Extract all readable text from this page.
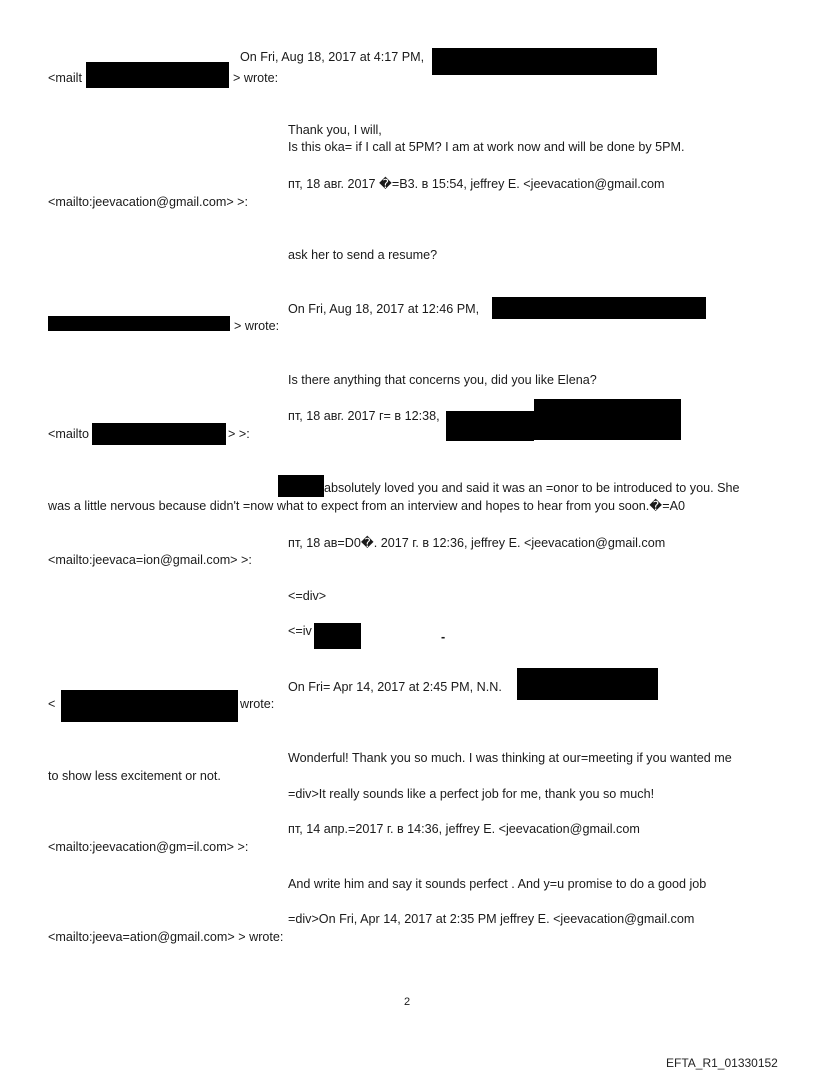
On Fri, Aug 18, 2017 at 4:17 PM,
<mailt	> wrote:
Thank you, I will,
Is this oka= if I call at 5PM? I am at work now and will be done by 5PM.
пт, 18 авг. 2017 �=B3. в 15:54, jeffrey E. <jeevacation@gmail.com
<mailto:jeevacation@gmail.com> >:
ask her to send a resume?
On Fri, Aug 18, 2017 at 12:46 PM,
> wrote:
Is there anything that concerns you, did you like Elena?
пт, 18 авг. 2017 г= в 12:38,
<mailto	> >:
absolutely loved you and said it was an =onor to be introduced to you. She
was a little nervous because didn't =now what to expect from an interview and hopes to hear from you soon.�=A0
пт, 18 ав=D0�. 2017 г. в 12:36, jeffrey E. <jeevacation@gmail.com
<mailto:jeevaca=ion@gmail.com> >:
<=div>
<=iv	-
On Fri= Apr 14, 2017 at 2:45 PM, N.N.
<	wrote:
Wonderful! Thank you so much. I was thinking at our=meeting if you wanted me
to show less excitement or not.
=div>It really sounds like a perfect job for me, thank you so much!
пт, 14 апр.=2017 г. в 14:36, jeffrey E. <jeevacation@gmail.com
<mailto:jeevacation@gm=il.com> >:
And write him and say it sounds perfect . And y=u promise to do a good job
=div>On Fri, Apr 14, 2017 at 2:35 PM jeffrey E. <jeevacation@gmail.com
<mailto:jeeva=ation@gmail.com> > wrote:
2
EFTA_R1_01330152
